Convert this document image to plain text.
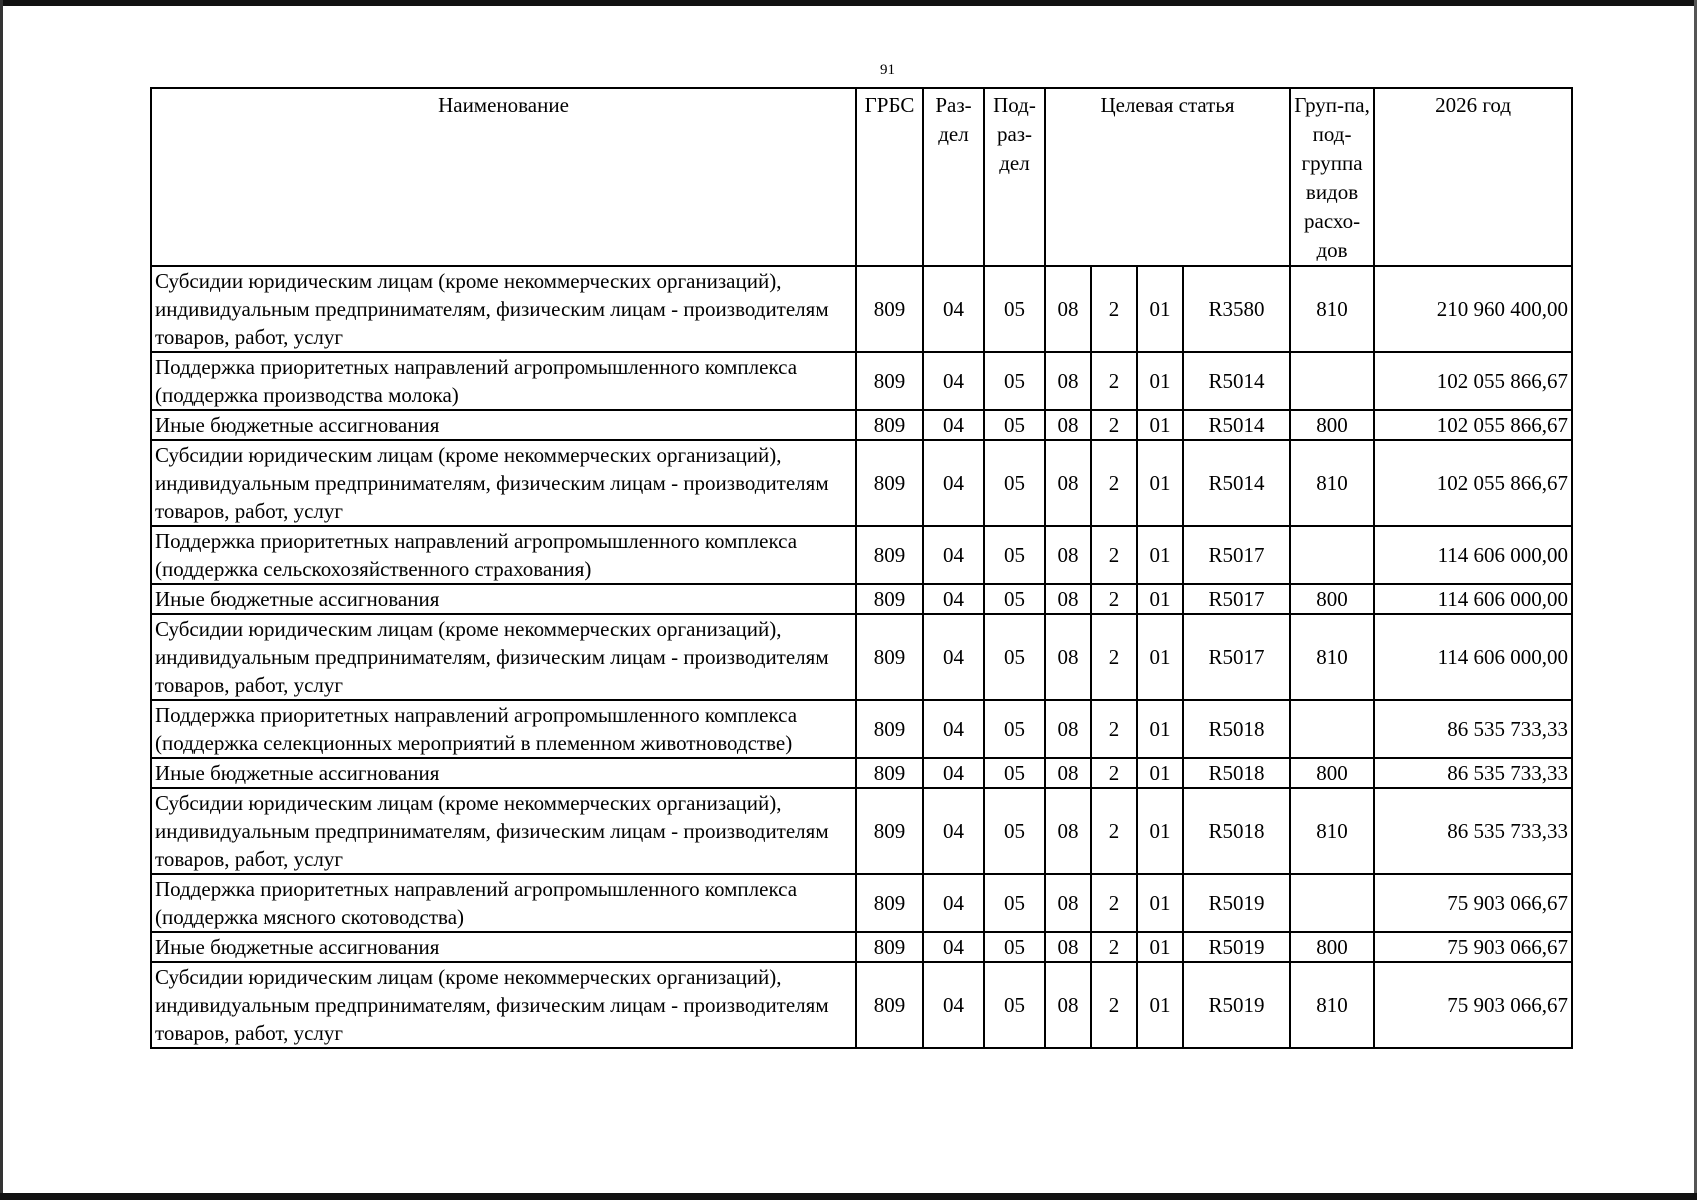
91
Наименование	ГРБС	Раз-дел	Под-раз-дел	Целевая статья				Груп-па, под-группа видов расхо-дов	2026 год
Субсидии юридическим лицам (кроме некоммерческих организаций), индивидуальным предпринимателям, физическим лицам - производителям товаров, работ, услуг	809	04	05	08	2	01	R3580	810	210 960 400,00
Поддержка приоритетных направлений агропромышленного комплекса (поддержка производства молока)	809	04	05	08	2	01	R5014		102 055 866,67
Иные бюджетные ассигнования	809	04	05	08	2	01	R5014	800	102 055 866,67
Субсидии юридическим лицам (кроме некоммерческих организаций), индивидуальным предпринимателям, физическим лицам - производителям товаров, работ, услуг	809	04	05	08	2	01	R5014	810	102 055 866,67
Поддержка приоритетных направлений агропромышленного комплекса (поддержка сельскохозяйственного страхования)	809	04	05	08	2	01	R5017		114 606 000,00
Иные бюджетные ассигнования	809	04	05	08	2	01	R5017	800	114 606 000,00
Субсидии юридическим лицам (кроме некоммерческих организаций), индивидуальным предпринимателям, физическим лицам - производителям товаров, работ, услуг	809	04	05	08	2	01	R5017	810	114 606 000,00
Поддержка приоритетных направлений агропромышленного комплекса (поддержка селекционных мероприятий в племенном животноводстве)	809	04	05	08	2	01	R5018		86 535 733,33
Иные бюджетные ассигнования	809	04	05	08	2	01	R5018	800	86 535 733,33
Субсидии юридическим лицам (кроме некоммерческих организаций), индивидуальным предпринимателям, физическим лицам - производителям товаров, работ, услуг	809	04	05	08	2	01	R5018	810	86 535 733,33
Поддержка приоритетных направлений агропромышленного комплекса (поддержка мясного скотоводства)	809	04	05	08	2	01	R5019		75 903 066,67
Иные бюджетные ассигнования	809	04	05	08	2	01	R5019	800	75 903 066,67
Субсидии юридическим лицам (кроме некоммерческих организаций), индивидуальным предпринимателям, физическим лицам - производителям товаров, работ, услуг	809	04	05	08	2	01	R5019	810	75 903 066,67
